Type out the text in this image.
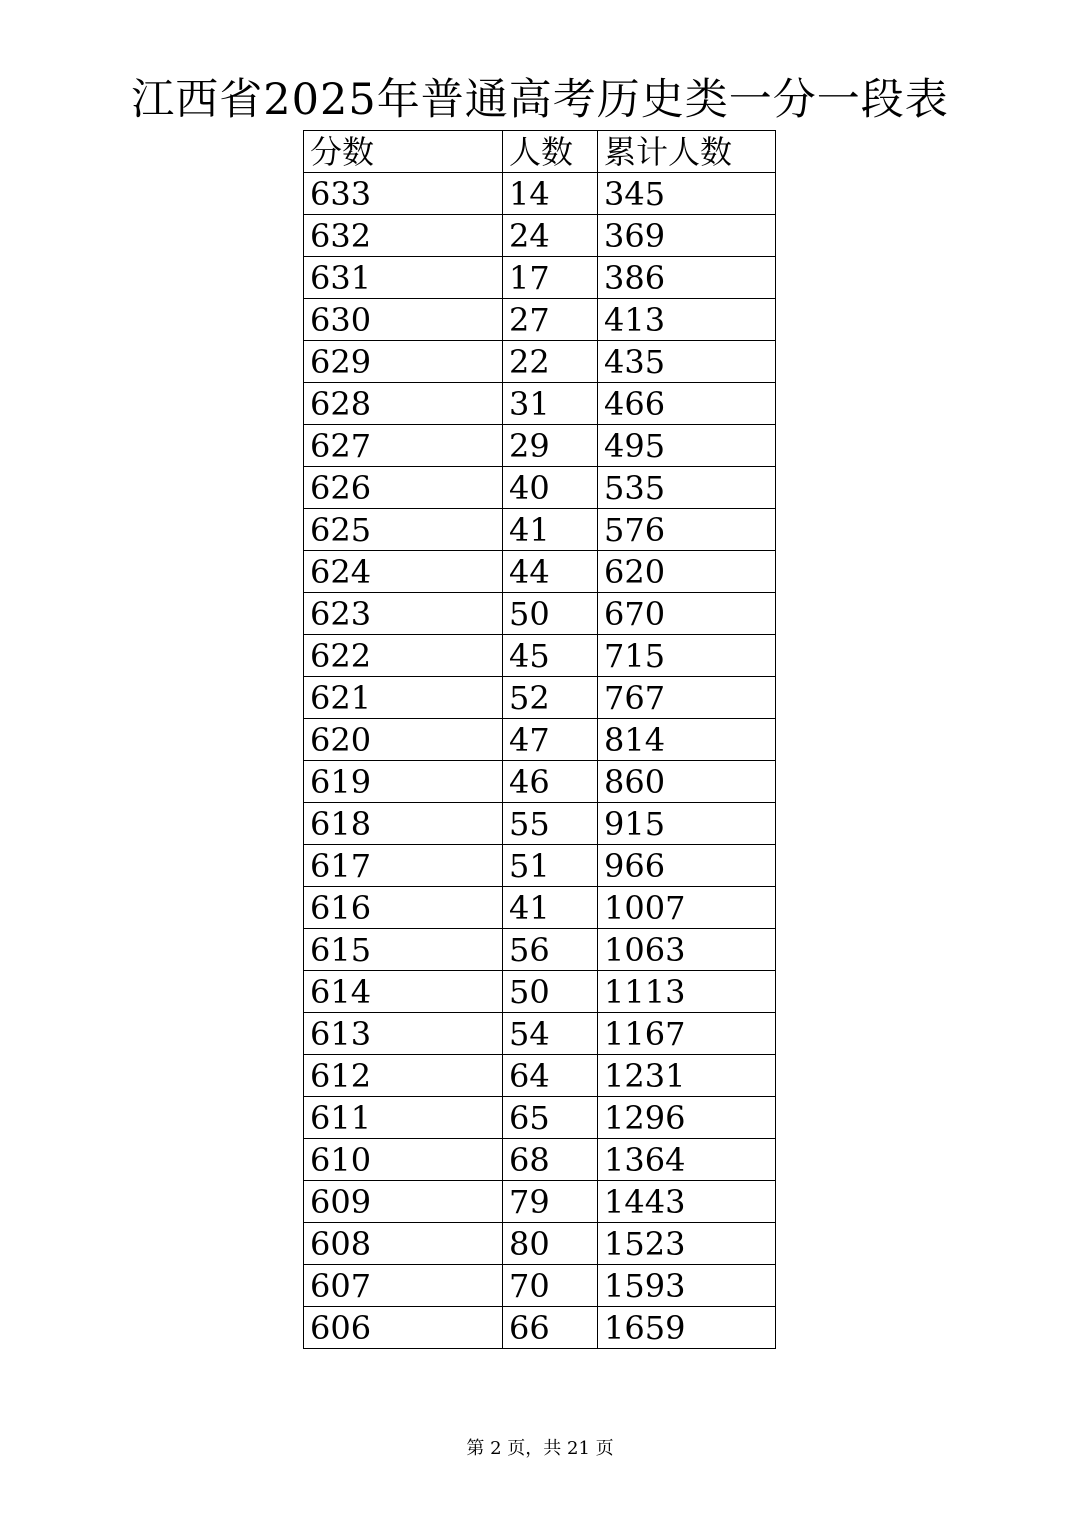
江西省2025年普通高考历史类一分一段表
分数	人数	累计人数
633	14	345
632	24	369
631	17	386
630	27	413
629	22	435
628	31	466
627	29	495
626	40	535
625	41	576
624	44	620
623	50	670
622	45	715
621	52	767
620	47	814
619	46	860
618	55	915
617	51	966
616	41	1007
615	56	1063
614	50	1113
613	54	1167
612	64	1231
611	65	1296
610	68	1364
609	79	1443
608	80	1523
607	70	1593
606	66	1659
第 2 页，共 21 页
